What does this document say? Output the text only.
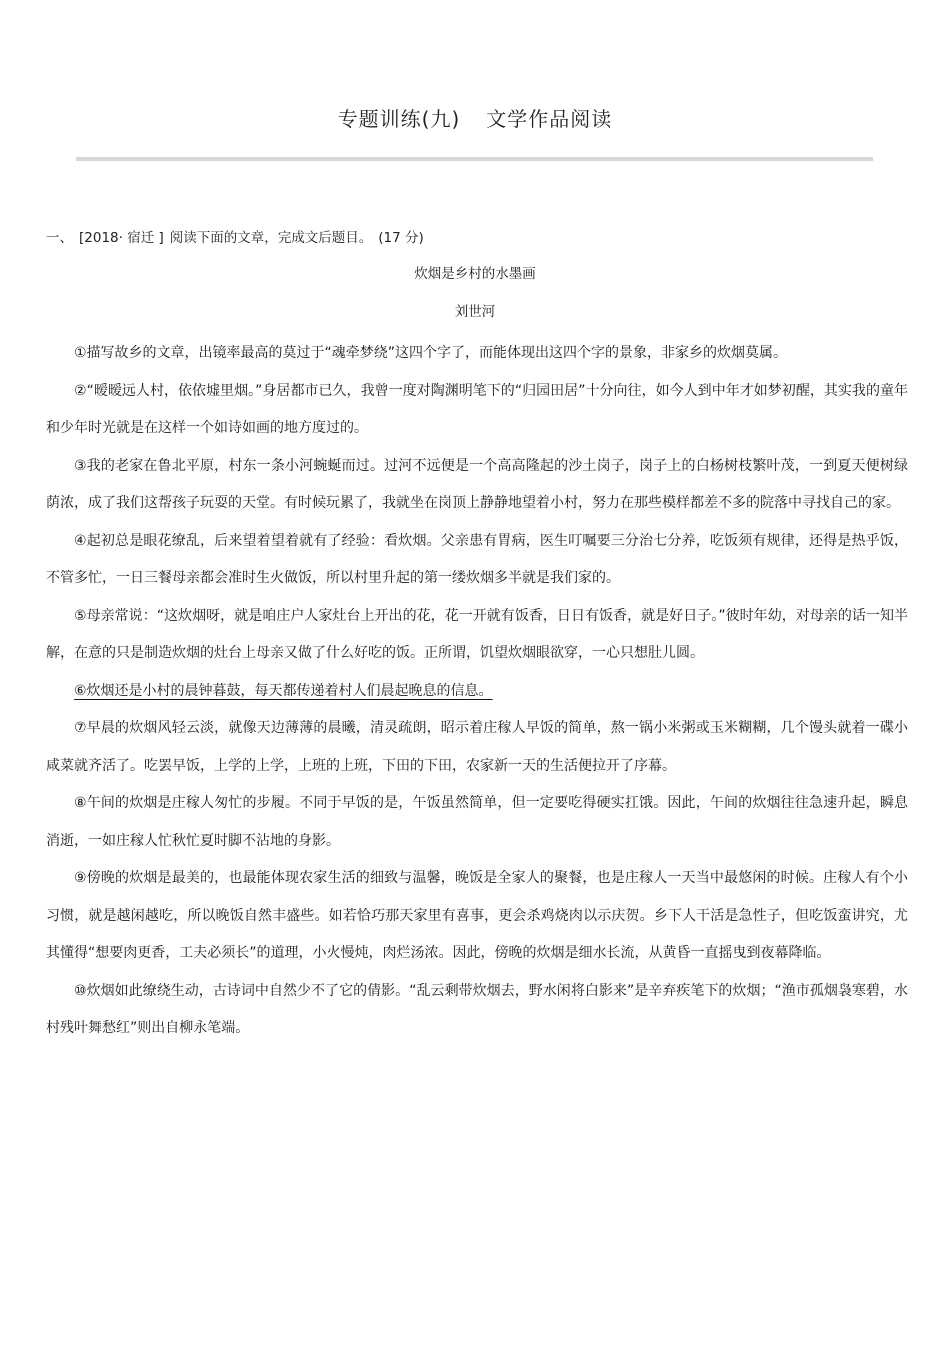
专题训练(九) 文学作品阅读
一、 [2018· 宿迁 ] 阅读下面的文章，完成文后题目。 (17 分)
炊烟是乡村的水墨画
刘世河

①描写故乡的文章，出镜率最高的莫过于“魂牵梦绕”这四个字了，而能体现出这四个字的景象，非家乡的炊烟莫属。

②“暧暧远人村，依依墟里烟。”身居都市已久，我曾一度对陶渊明笔下的“归园田居”十分向往，如今人到中年才如梦初醒，其实我的童年和少年时光就是在这样一个如诗如画的地方度过的。

③我的老家在鲁北平原，村东一条小河蜿蜒而过。过河不远便是一个高高隆起的沙土岗子，岗子上的白杨树枝繁叶茂，一到夏天便树绿荫浓，成了我们这帮孩子玩耍的天堂。有时候玩累了，我就坐在岗顶上静静地望着小村，努力在那些模样都差不多的院落中寻找自己的家。

④起初总是眼花缭乱，后来望着望着就有了经验：看炊烟。父亲患有胃病，医生叮嘱要三分治七分养，吃饭须有规律，还得是热乎饭，不管多忙，一日三餐母亲都会准时生火做饭，所以村里升起的第一缕炊烟多半就是我们家的。

⑤母亲常说：“这炊烟呀，就是咱庄户人家灶台上开出的花，花一开就有饭香，日日有饭香，就是好日子。”彼时年幼，对母亲的话一知半解，在意的只是制造炊烟的灶台上母亲又做了什么好吃的饭。正所谓，饥望炊烟眼欲穿，一心只想肚儿圆。

⑥炊烟还是小村的晨钟暮鼓，每天都传递着村人们晨起晚息的信息。

⑦早晨的炊烟风轻云淡，就像天边薄薄的晨曦，清灵疏朗，昭示着庄稼人早饭的简单，熬一锅小米粥或玉米糊糊，几个馒头就着一碟小咸菜就齐活了。吃罢早饭，上学的上学，上班的上班，下田的下田，农家新一天的生活便拉开了序幕。

⑧午间的炊烟是庄稼人匆忙的步履。不同于早饭的是，午饭虽然简单，但一定要吃得硬实扛饿。因此，午间的炊烟往往急速升起，瞬息消逝，一如庄稼人忙秋忙夏时脚不沾地的身影。

⑨傍晚的炊烟是最美的，也最能体现农家生活的细致与温馨，晚饭是全家人的聚餐，也是庄稼人一天当中最悠闲的时候。庄稼人有个小习惯，就是越闲越吃，所以晚饭自然丰盛些。如若恰巧那天家里有喜事，更会杀鸡烧肉以示庆贺。乡下人干活是急性子，但吃饭蛮讲究，尤其懂得“想要肉更香，工夫必须长”的道理，小火慢炖，肉烂汤浓。因此，傍晚的炊烟是细水长流，从黄昏一直摇曳到夜幕降临。

⑩炊烟如此缭绕生动，古诗词中自然少不了它的倩影。“乱云剩带炊烟去，野水闲将白影来”是辛弃疾笔下的炊烟；“渔市孤烟袅寒碧，水村残叶舞愁红”则出自柳永笔端。
